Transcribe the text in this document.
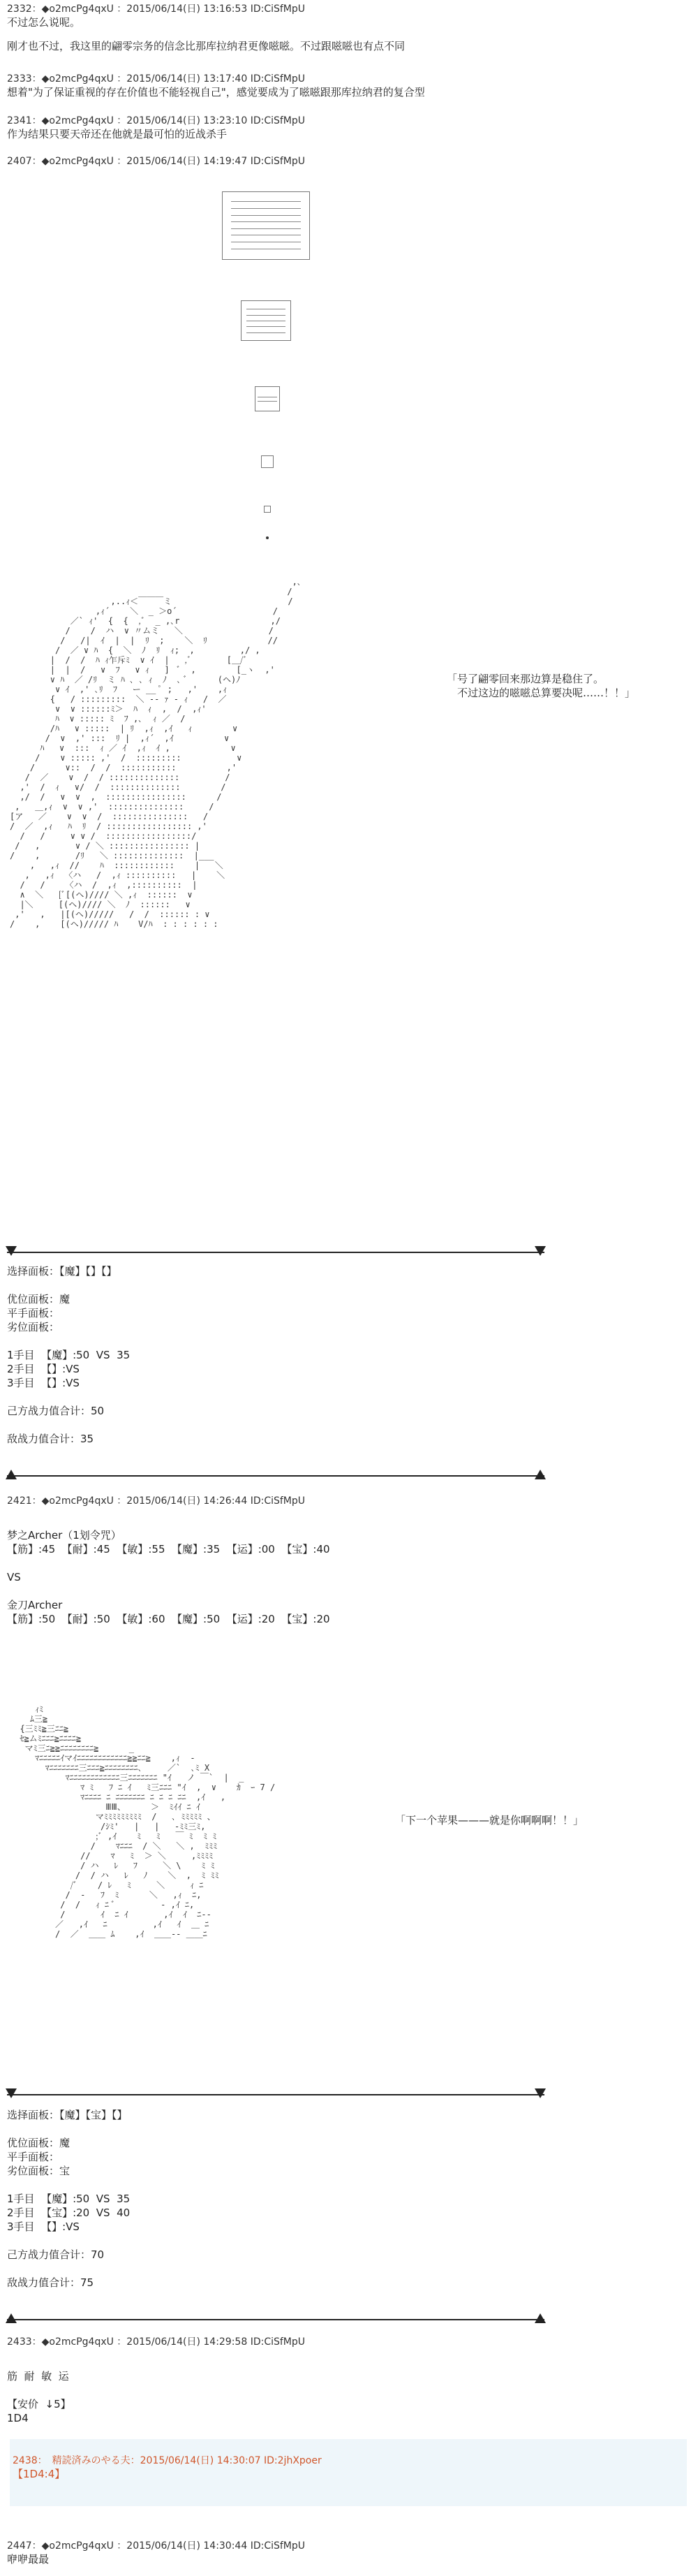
2332：◆o2mcPg4qxU ：2015/06/14(日) 13:16:53 ID:CiSfMpU
不过怎么说呢。
刚才也不过，我这里的翩零宗务的信念比那库拉纳君更像嗞嗞。不过跟嗞嗞也有点不同
2333：◆o2mcPg4qxU ：2015/06/14(日) 13:17:40 ID:CiSfMpU
想着"为了保证重视的存在价值也不能轻视自己"，感觉要成为了嗞嗞跟那库拉纳君的复合型
2341：◆o2mcPg4qxU ：2015/06/14(日) 13:23:10 ID:CiSfMpU
作为结果只要天帝还在他就是最可怕的近战杀手
2407：◆o2mcPg4qxU ：2015/06/14(日) 14:19:47 ID:CiSfMpU
,､
/
,..ｨ＜￣￣￣ミ                       /
,ｨ´    ＼  _ ＞o´                   /
／` ｨ'  {  {  ,ﾞ  _ ,､r                  ,/
/    /  ハ  ∨ 〃ムミ   ＼                 /
/   /|  ｲ  |  |  ﾘ  ;    ＼  ﾘ            //
/  ／ ∨ ﾊ  {  ＼  ﾉ  ﾘ  ｨ;  ,         ,/ ,
|  /  /  ﾊ ｨ乍斥ﾐ  ∨ ｲ  |   ,ﾞ       [＿/ﾞ
|  |  /   ∨  ﾌ   ∨ ｨ   ]  ﾞ  ,        [_ヽ  ,'
∨ ﾊ  ／ /ﾘ  ミ ﾊ ､ ､ ｨ  ﾉ  ､ ﾞ      (ヘ)ﾉ
∨ ｲ  ,' ､ﾘ  ﾌ   ー __ ﾟ ;   ,'    ,ｨ
{   / :::::::::  ＼ -‐ ｧ ‐ ｨ   /  ／
∨  ∨ ::::::ﾐ＞  ﾊ  ｨ  ,  /  ,ｨ'
ﾊ  ∨ ::::: ﾐ  ﾌ ,､  ｨ ／  /
/ﾊ   ∨ :::::  | ﾘ  ,ｨ  ,ｲ   ｨ        ∨
/  ∨  ,' :::  ﾘ |  ,ｨ´  ,ｲ          ∨
ﾊ   ∨  :::  ｨ ／ ｲ  ,ｨ  ｲ ,            ∨
/    ∨ ::::: ,'  /  :::::::::           ∨
/      ∨::  /  /  :::::::::::          ,'
/  ／    ∨  /  / ::::::::::::::         /
,'  /  ｨ   ∨/  /  ::::::::::::::        /
,/  /   ∨  ∨  ,  ::::::::::::::::      /
,   ＿,ｨ  ∨  ∨ ,'  :::::::::::::::     /
[ア   ／    ∨  ∨  /  :::::::::::::::   /
/  ／  ,ｨ   ﾊ  ﾘ  / ::::::::::::::::: ,'
/   /     ∨ ∨ /  :::::::::::::::::/
/   ,       ∨ / ＼ :::::::::::::::: |
/    ,       /ﾘ   ＼ ::::::::::::::  |___
,   ,ｨ  //    ﾊ  ::::::::::::    |   ＼
,   ,ｨ  〈ハ   /  ,ｨ ::::::::::   |    ＼
/   /    〈ハ  /  ,ｨ  ,::::::::::  |
∧  ＼   [ﾞ[(ヘ)//// ＼ ,ｨ  ::::::  ∨
|＼     [(ヘ)//// ＼  ﾉ  ::::::   ∨
,'   ,   |[(ヘ)/////   /  /  :::::: : ∨
/    ,    [(ヘ)///// ﾊ    V/ﾊ  : : : : : :
「号了翩零回来那边算是稳住了。
　不过这边的嗞嗞总算要决呢……！！」
选择面板：【魔】【】【】

优位面板：魔
平手面板：
劣位面板：

1手目  【魔】:50  VS  35
2手目  【】:VS
3手目  【】:VS

己方战力值合计：50

敌战力值合计：35
2421：◆o2mcPg4qxU ：2015/06/14(日) 14:26:44 ID:CiSfMpU
梦之Archer（1划令咒）
【筋】:45  【耐】:45  【敏】:55  【魔】:35  【运】:00  【宝】:40

VS

金刀Archer
【筋】:50  【耐】:50  【敏】:60  【魔】:50  【运】:20  【宝】:20
ｨﾐ
ﾑ三≧
{三ﾐﾐ≧三ﾆﾆ≧
ｾ≧ムﾐﾆﾆﾆ≧ﾆﾆﾆﾆ≧
マﾐ三ﾆ≧≧ﾆﾆﾆﾆﾆﾆﾆﾆ≧      _
ﾏﾆﾆﾆﾆﾆｲマｲﾆﾆﾆﾆﾆﾆﾆﾆﾆﾆﾆﾆ≧≧ﾆﾆ≧    ,ｨ  ‐
ﾏﾆﾆﾆﾆﾆﾆﾆ三ﾆﾆﾆ≧ﾆﾆﾆﾆﾆﾆﾆﾆ､     ／`  ､ﾐ X
ﾏﾆﾆﾆﾆﾆﾆﾆﾆﾆﾆﾆﾆ三ﾆﾆﾆﾆﾆﾆﾆ "ｲ   ノ ￣`  |  _
ﾏ ﾐ   ﾌ ﾆ ｲ   ﾐ三ﾆﾆﾆ "ｲ  ,  ∨    ｶ  ｰ 7 /
ﾏﾆﾆﾆﾆ ﾆ ﾆﾆﾆﾆﾆﾆﾆ ﾆ ﾆ ﾆ ﾆﾆ  ,ｲ   ,
ⅢⅢ、     ＞  ﾐｲｲ ﾆ ｲ
マﾐﾐﾐﾐﾐﾐﾐﾐﾐ  /   ､ ﾐﾐﾐﾐﾐ 、
/ｼﾐ'   |   |   ‐ﾐﾐ三ﾐ,
;ﾞ ,ｲ    ﾐ   ﾐ   ￣ ﾐ  ﾐ ﾐ
/    ﾏﾆﾆﾆ  / ＼   ＼ ,  ﾐﾐﾐ
//    ﾏ   ﾐ  ＞ ＼     ,ﾐﾐﾐﾐ
/ ハ   ﾚ   ﾌ     ＼ \    ﾐ ﾐ
/  / ハ   ﾚ   ﾉ    ＼  ,  ﾐ ﾐﾐ
/ﾞ    / ﾚ   ﾐ     ＼     ｨ ﾆ
/  ‐   ﾌ  ﾐ      ＼   ,ｨ  ﾆ,
/  /   ｨ ﾆ ﾞ         ‐ ,ｲ ﾆ,
/       ｲ  ﾆ ｲ       ,ｲ  ｲ  ﾆ‐‐
／   ,ｲ   ﾆ         ,ｲ   ｲ  ＿ ﾆ
/  ／  ＿＿ ﾑ    ,ｲ  ＿＿‐‐ ＿＿ﾆ
「下一个苹果———就是你啊啊啊！！」
选择面板：【魔】【宝】【】

优位面板：魔
平手面板：
劣位面板：宝

1手目  【魔】:50  VS  35
2手目  【宝】:20  VS  40
3手目  【】:VS

己方战力值合计：70

敌战力值合计：75
2433：◆o2mcPg4qxU ：2015/06/14(日) 14:29:58 ID:CiSfMpU
筋  耐  敏  运

【安价  ↓5】
1D4
2438：　精読済みのやる夫：2015/06/14(日) 14:30:07 ID:2jhXpoer
【1D4:4】
2447：◆o2mcPg4qxU ：2015/06/14(日) 14:30:44 ID:CiSfMpU
咿咿最最
